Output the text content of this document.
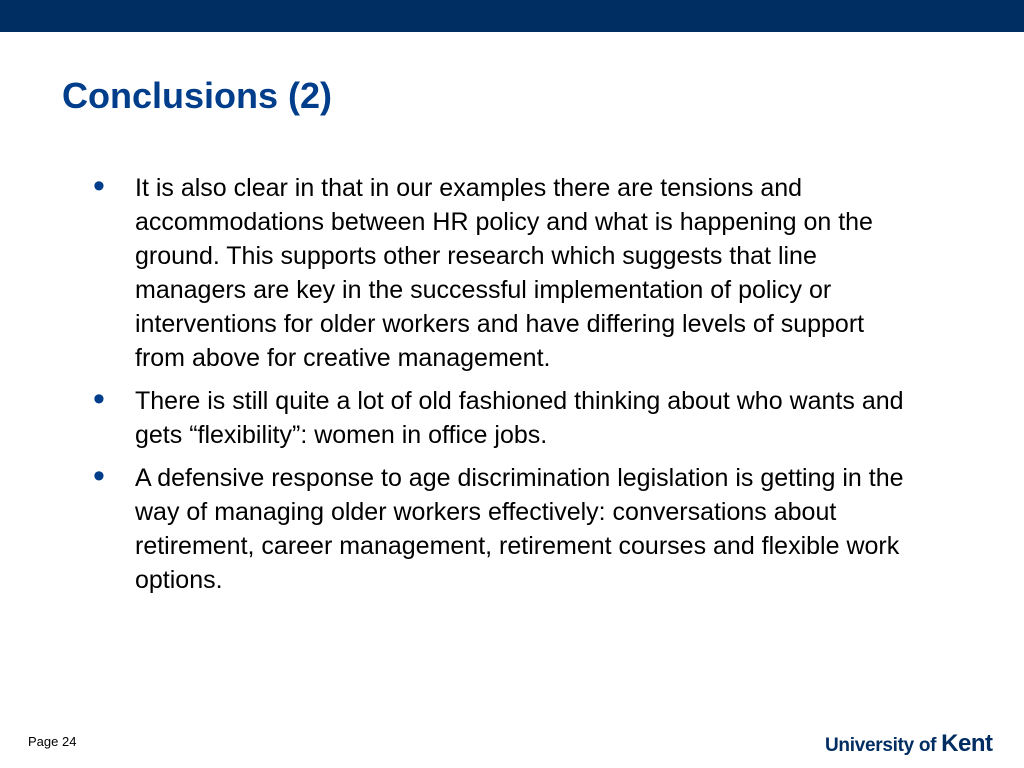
Conclusions (2)
• It is also clear in that in our examples there are tensions and accommodations between HR policy and what is happening on the ground. This supports other research which suggests that line managers are key in the successful implementation of policy or interventions for older workers and have differing levels of support from above for creative management.
• There is still quite a lot of old fashioned thinking about who wants and gets “flexibility”: women in office jobs.
• A defensive response to age discrimination legislation is getting in the way of managing older workers effectively: conversations about retirement, career management, retirement courses and flexible work options.
Page 24	University of Kent
